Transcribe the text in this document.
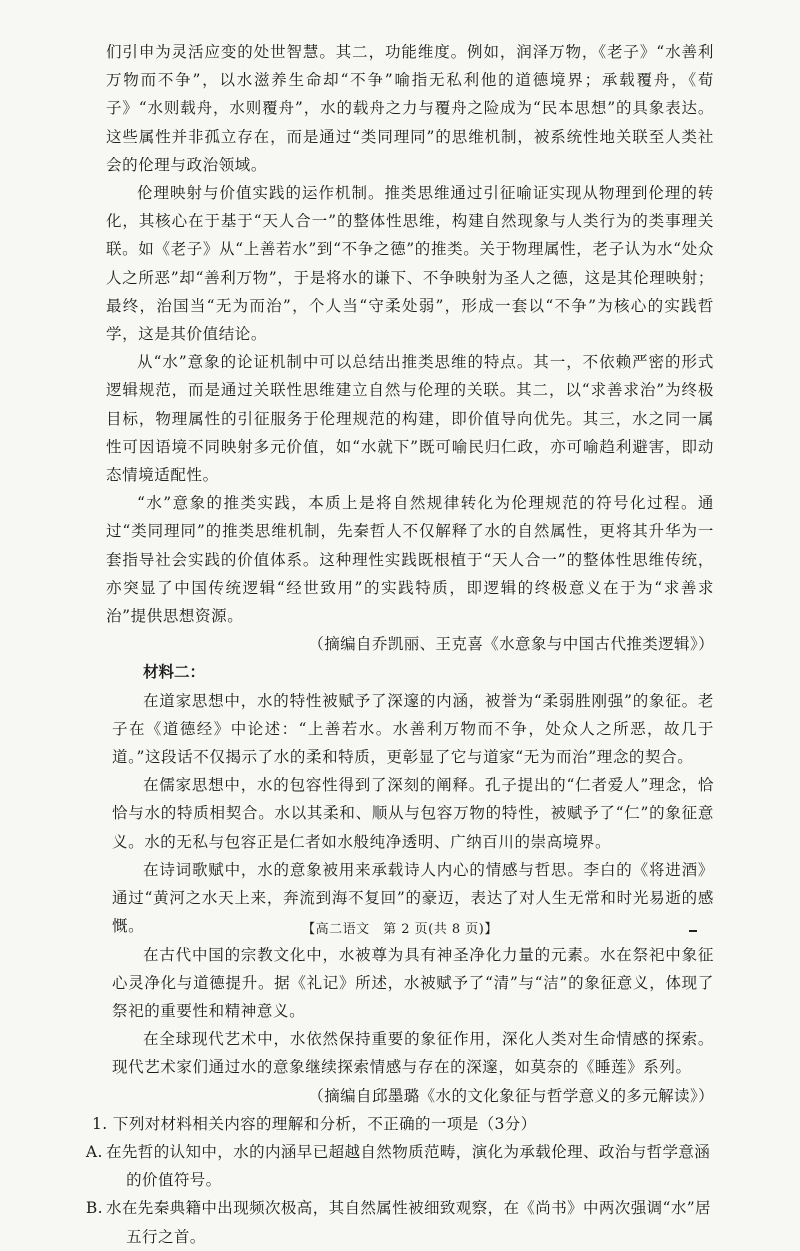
们引申为灵活应变的处世智慧。其二，功能维度。例如，润泽万物，《老子》“水善利万物而不争”，以水滋养生命却“不争”喻指无私利他的道德境界；承载覆舟，《荀子》“水则载舟，水则覆舟”，水的载舟之力与覆舟之险成为“民本思想”的具象表达。这些属性并非孤立存在，而是通过“类同理同”的思维机制，被系统性地关联至人类社会的伦理与政治领域。

伦理映射与价值实践的运作机制。推类思维通过引征喻证实现从物理到伦理的转化，其核心在于基于“天人合一”的整体性思维，构建自然现象与人类行为的类事理关联。如《老子》从“上善若水”到“不争之德”的推类。关于物理属性，老子认为水“处众人之所恶”却“善利万物”，于是将水的谦下、不争映射为圣人之德，这是其伦理映射；最终，治国当“无为而治”，个人当“守柔处弱”，形成一套以“不争”为核心的实践哲学，这是其价值结论。

从“水”意象的论证机制中可以总结出推类思维的特点。其一，不依赖严密的形式逻辑规范，而是通过关联性思维建立自然与伦理的关联。其二，以“求善求治”为终极目标，物理属性的引征服务于伦理规范的构建，即价值导向优先。其三，水之同一属性可因语境不同映射多元价值，如“水就下”既可喻民归仁政，亦可喻趋利避害，即动态情境适配性。

“水”意象的推类实践，本质上是将自然规律转化为伦理规范的符号化过程。通过“类同理同”的推类思维机制，先秦哲人不仅解释了水的自然属性，更将其升华为一套指导社会实践的价值体系。这种理性实践既根植于“天人合一”的整体性思维传统，亦突显了中国传统逻辑“经世致用”的实践特质，即逻辑的终极意义在于为“求善求治”提供思想资源。

（摘编自乔凯丽、王克喜《水意象与中国古代推类逻辑》）

材料二：

在道家思想中，水的特性被赋予了深邃的内涵，被誉为“柔弱胜刚强”的象征。老子在《道德经》中论述：“上善若水。水善利万物而不争，处众人之所恶，故几于道。”这段话不仅揭示了水的柔和特质，更彰显了它与道家“无为而治”理念的契合。

在儒家思想中，水的包容性得到了深刻的阐释。孔子提出的“仁者爱人”理念，恰恰与水的特质相契合。水以其柔和、顺从与包容万物的特性，被赋予了“仁”的象征意义。水的无私与包容正是仁者如水般纯净透明、广纳百川的崇高境界。

在诗词歌赋中，水的意象被用来承载诗人内心的情感与哲思。李白的《将进酒》通过“黄河之水天上来，奔流到海不复回”的豪迈，表达了对人生无常和时光易逝的感慨。

在古代中国的宗教文化中，水被尊为具有神圣净化力量的元素。水在祭祀中象征心灵净化与道德提升。据《礼记》所述，水被赋予了“清”与“洁”的象征意义，体现了祭祀的重要性和精神意义。

在全球现代艺术中，水依然保持重要的象征作用，深化人类对生命情感的探索。现代艺术家们通过水的意象继续探索情感与存在的深邃，如莫奈的《睡莲》系列。

（摘编自邱墨璐《水的文化象征与哲学意义的多元解读》）

1. 下列对材料相关内容的理解和分析，不正确的一项是（3分）

A. 在先哲的认知中，水的内涵早已超越自然物质范畴，演化为承载伦理、政治与哲学意涵的价值符号。

B. 水在先秦典籍中出现频次极高，其自然属性被细致观察，在《尚书》中两次强调“水”居五行之首。

【高二语文　第 2 页(共 8 页)】
